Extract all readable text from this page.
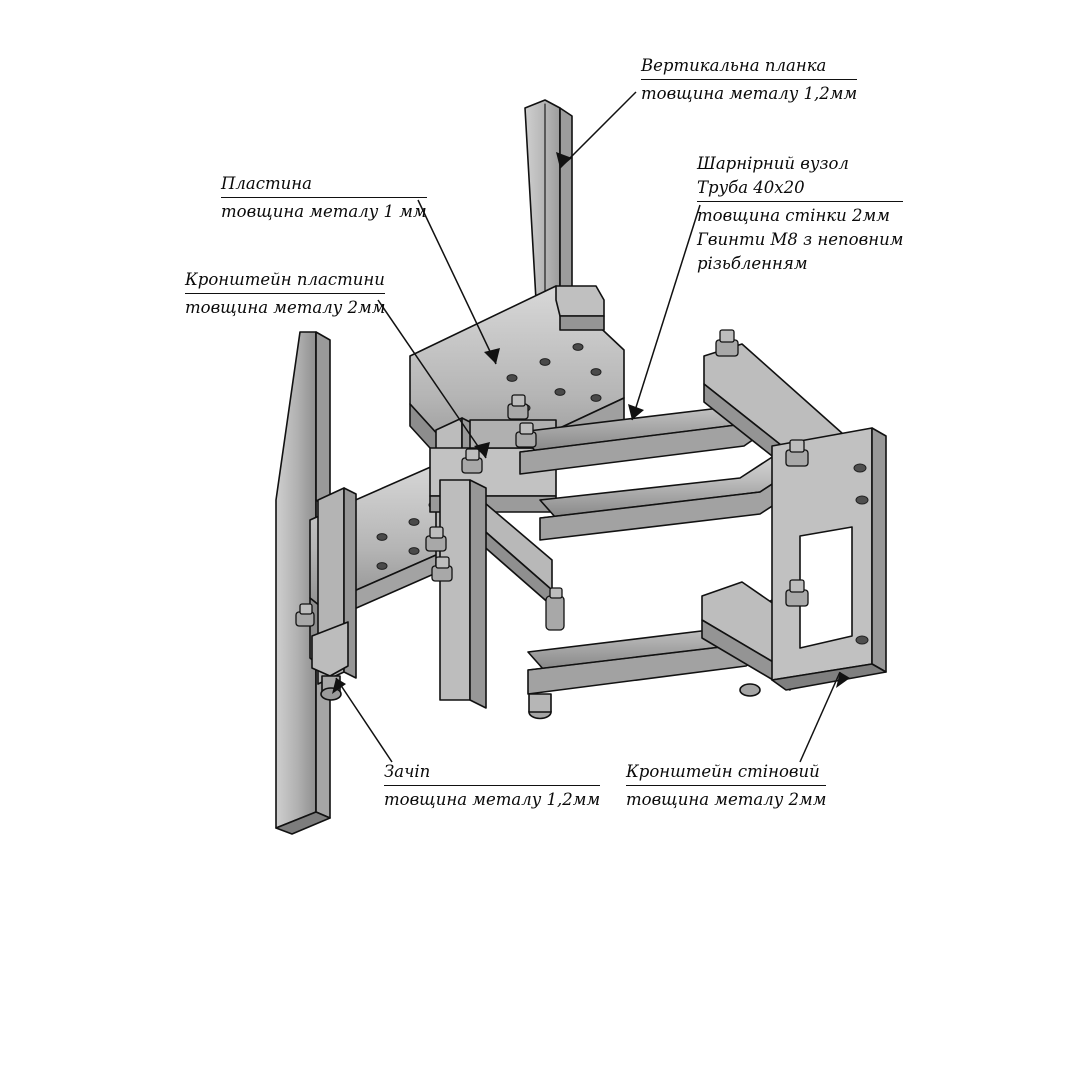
Вертикальна планка
товщина металу 1,2мм
Шарнірний вузол
Труба 40х20
товщина стінки 2мм
Гвинти М8 з неповним
різьбленням
Пластина
товщина металу 1 мм
Кронштейн пластини
товщина металу 2мм
Зачіп
товщина металу 1,2мм
Кронштейн стіновий
товщина металу 2мм
